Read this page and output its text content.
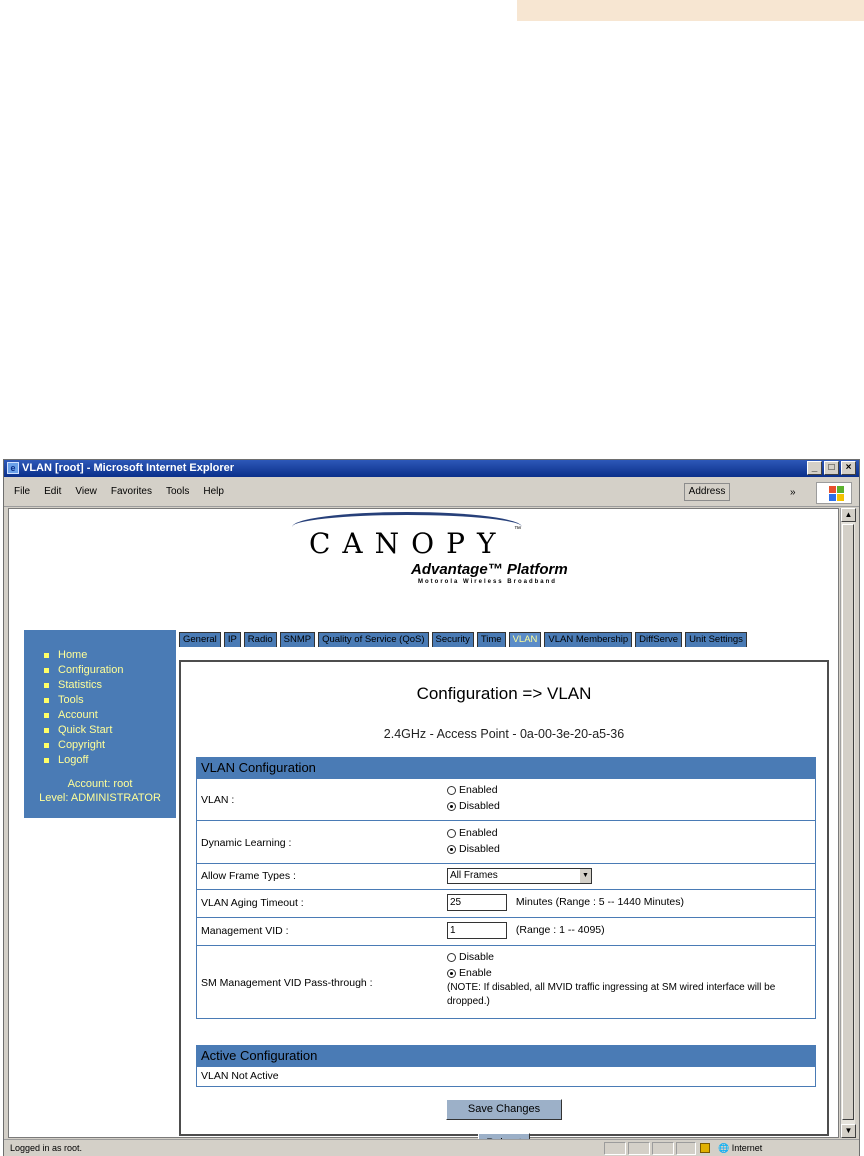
e VLAN [root] - Microsoft Internet Explorer	_	□	×
File Edit View Favorites Tools Help	Address	»
CANOPY ™
Advantage™ Platform
Motorola Wireless Broadband
Home
Configuration
Statistics
Tools
Account
Quick Start
Copyright
Logoff
Account: root
Level: ADMINISTRATOR
General IP Radio SNMP Quality of Service (QoS) Security Time VLAN VLAN Membership DiffServe Unit Settings
Configuration => VLAN
2.4GHz - Access Point - 0a-00-3e-20-a5-36
VLAN Configuration
VLAN :
Enabled
Disabled
Dynamic Learning :
Enabled
Disabled
Allow Frame Types :	All Frames	▼
VLAN Aging Timeout :	25	Minutes (Range : 5 -- 1440 Minutes)
Management VID :	1	(Range : 1 -- 4095)
SM Management VID Pass-through :
Disable
Enable
(NOTE: If disabled, all MVID traffic ingressing at SM wired interface will be dropped.)
Active Configuration
VLAN Not Active
Save Changes
▲
▼
Logged in as root.	🌐 Internet
